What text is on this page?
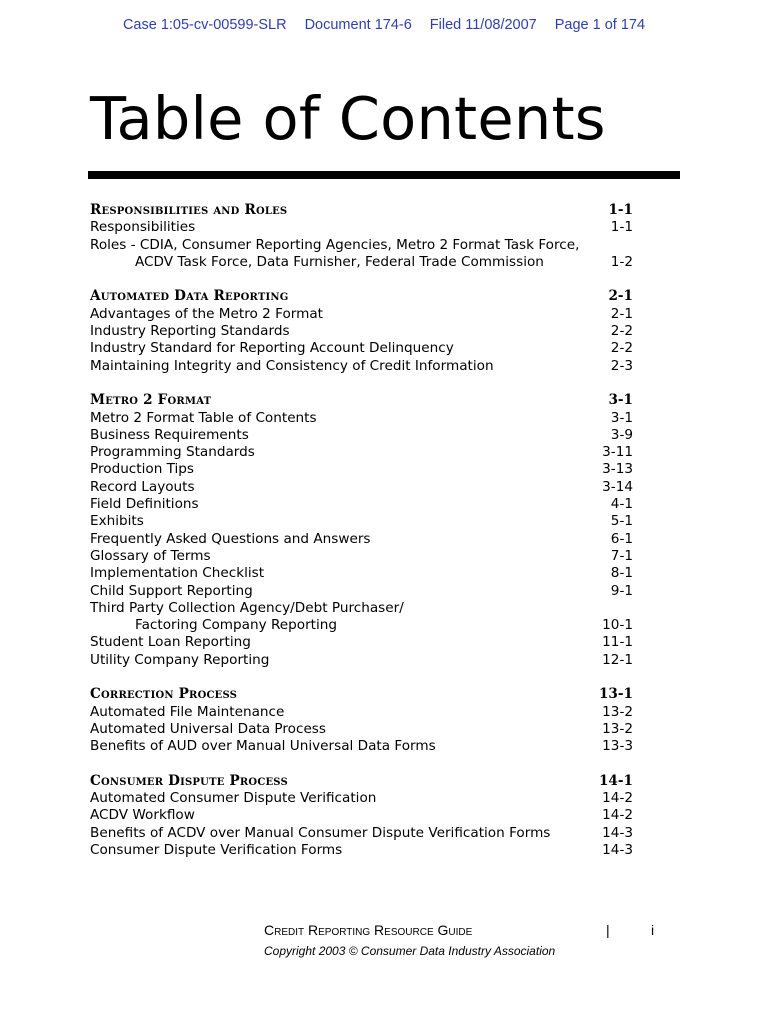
Case 1:05-cv-00599-SLR Document 174-6 Filed 11/08/2007 Page 1 of 174
Table of Contents
Responsibilities and Roles	1-1
Responsibilities	1-1
Roles - CDIA, Consumer Reporting Agencies, Metro 2 Format Task Force,
ACDV Task Force, Data Furnisher, Federal Trade Commission	1-2
Automated Data Reporting	2-1
Advantages of the Metro 2 Format	2-1
Industry Reporting Standards	2-2
Industry Standard for Reporting Account Delinquency	2-2
Maintaining Integrity and Consistency of Credit Information	2-3
Metro 2 Format	3-1
Metro 2 Format Table of Contents	3-1
Business Requirements	3-9
Programming Standards	3-11
Production Tips	3-13
Record Layouts	3-14
Field Definitions	4-1
Exhibits	5-1
Frequently Asked Questions and Answers	6-1
Glossary of Terms	7-1
Implementation Checklist	8-1
Child Support Reporting	9-1
Third Party Collection Agency/Debt Purchaser/
Factoring Company Reporting	10-1
Student Loan Reporting	11-1
Utility Company Reporting	12-1
Correction Process	13-1
Automated File Maintenance	13-2
Automated Universal Data Process	13-2
Benefits of AUD over Manual Universal Data Forms	13-3
Consumer Dispute Process	14-1
Automated Consumer Dispute Verification	14-2
ACDV Workflow	14-2
Benefits of ACDV over Manual Consumer Dispute Verification Forms	14-3
Consumer Dispute Verification Forms	14-3
Credit Reporting Resource Guide	|	i
Copyright 2003 © Consumer Data Industry Association
